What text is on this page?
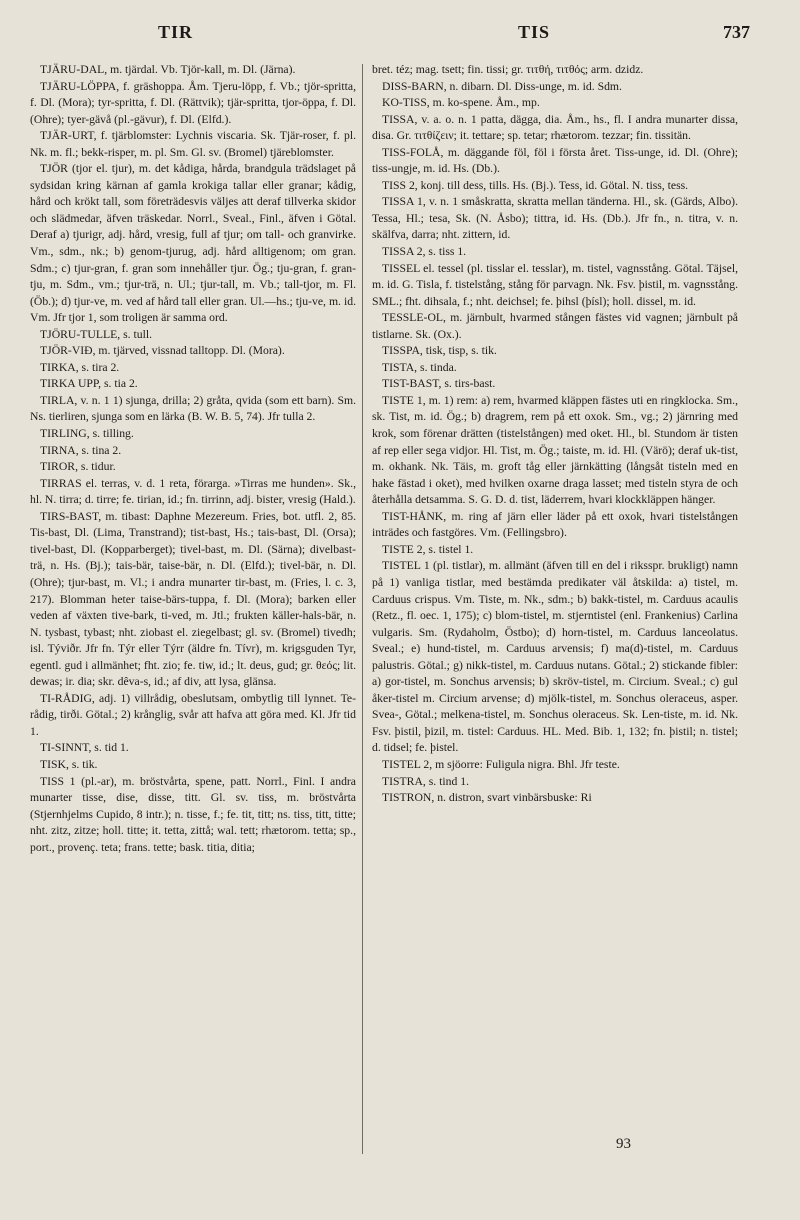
TIR	TIS	737

TJÄRU-DAL, m. tjärdal. Vb. Tjör-kall, m. Dl. (Järna).

TJÄRU-LÖPPA, f. gräshoppa. Åm. Tjeru-löpp, f. Vb.; tjör-spritta, f. Dl. (Mora); tyr-spritta, f. Dl. (Rättvik); tjär-spritta, tjor-öppa, f. Dl. (Ohre); tyer-gävå (pl.-gävur), f. Dl. (Elfd.).

TJÄR-URT, f. tjärblomster: Lychnis viscaria. Sk. Tjär-roser, f. pl. Nk. m. fl.; bekk-risper, m. pl. Sm. Gl. sv. (Bromel) tjäreblomster.

TJÖR (tjor el. tjur), m. det kådiga, hårda, brandgula trädslaget på sydsidan kring kärnan af gamla krokiga tallar eller granar; kådig, hård och krökt tall, som företrädesvis väljes att deraf tillverka skidor och slädmedar, äfven träskedar. Norrl., Sveal., Finl., äfven i Götal. Deraf a) tjurigr, adj. hård, vresig, full af tjur; om tall- och granvirke. Vm., sdm., nk.; b) genom-tjurug, adj. hård alltigenom; om gran. Sdm.; c) tjur-gran, f. gran som innehåller tjur. Ög.; tju-gran, f. gran-tju, m. Sdm., vm.; tjur-trä, n. Ul.; tjur-tall, m. Vb.; tall-tjor, m. Fl. (Öb.); d) tjur-ve, m. ved af hård tall eller gran. Ul.—hs.; tju-ve, m. id. Vm. Jfr tjor 1, som troligen är samma ord.

TJÖRU-TULLE, s. tull.

TJÖR-VIÐ, m. tjärved, vissnad talltopp. Dl. (Mora).

TIRKA, s. tira 2.

TIRKA UPP, s. tia 2.

TIRLA, v. n. 1 1) sjunga, drilla; 2) gråta, qvida (som ett barn). Sm. Ns. tierliren, sjunga som en lärka (B. W. B. 5, 74). Jfr tulla 2.

TIRLING, s. tilling.

TIRNA, s. tina 2.

TIROR, s. tidur.

TIRRAS el. terras, v. d. 1 reta, förarga. »Tirras me hunden». Sk., hl. N. tirra; d. tirre; fe. tirian, id.; fn. tirrinn, adj. bister, vresig (Hald.).

TIRS-BAST, m. tibast: Daphne Mezereum. Fries, bot. utfl. 2, 85. Tis-bast, Dl. (Lima, Transtrand); tist-bast, Hs.; tais-bast, Dl. (Orsa); tivel-bast, Dl. (Kopparberget); tivel-bast, m. Dl. (Särna); divelbast-trä, n. Hs. (Bj.); tais-bär, taise-bär, n. Dl. (Elfd.); tivel-bär, n. Dl. (Ohre); tjur-bast, m. Vl.; i andra munarter tir-bast, m. (Fries, l. c. 3, 217). Blomman heter taise-bärs-tuppa, f. Dl. (Mora); barken eller veden af växten tive-bark, ti-ved, m. Jtl.; frukten käller-hals-bär, n. N. tysbast, tybast; nht. ziobast el. ziegelbast; gl. sv. (Bromel) tivedh; isl. Týviðr. Jfr fn. Týr eller Týrr (äldre fn. Tívr), m. krigsguden Tyr, egentl. gud i allmänhet; fht. zio; fe. tiw, id.; lt. deus, gud; gr. θεός; lit. dewas; ir. dia; skr. dêva-s, id.; af div, att lysa, glänsa.

TI-RÅDIG, adj. 1) villrådig, obeslutsam, ombytlig till lynnet. Te-rådig, tirði. Götal.; 2) krånglig, svår att hafva att göra med. Kl. Jfr tid 1.

TI-SINNT, s. tid 1.

TISK, s. tik.

TISS 1 (pl.-ar), m. bröstvårta, spene, patt. Norrl., Finl. I andra munarter tisse, dise, disse, titt. Gl. sv. tiss, m. bröstvårta (Stjernhjelms Cupido, 8 intr.); n. tisse, f.; fe. tit, titt; ns. tiss, titt, titte; nht. zitz, zitze; holl. titte; it. tetta, zittå; wal. tett; rhætorom. tetta; sp., port., provenç. teta; frans. tette; bask. titia, ditia;

bret. téz; mag. tsett; fin. tissi; gr. τιτθή, τιτθός; arm. dzidz.

DISS-BARN, n. dibarn. Dl. Diss-unge, m. id. Sdm.

KO-TISS, m. ko-spene. Åm., mp.

TISSA, v. a. o. n. 1 patta, dägga, dia. Åm., hs., fl. I andra munarter dissa, disa. Gr. τιτθίζειν; it. tettare; sp. tetar; rhætorom. tezzar; fin. tissitän.

TISS-FOLÅ, m. däggande föl, föl i första året. Tiss-unge, id. Dl. (Ohre); tiss-ungje, m. id. Hs. (Db.).

TISS 2, konj. till dess, tills. Hs. (Bj.). Tess, id. Götal. N. tiss, tess.

TISSA 1, v. n. 1 småskratta, skratta mellan tänderna. Hl., sk. (Gärds, Albo). Tessa, Hl.; tesa, Sk. (N. Åsbo); tittra, id. Hs. (Db.). Jfr fn., n. titra, v. n. skälfva, darra; nht. zittern, id.

TISSA 2, s. tiss 1.

TISSEL el. tessel (pl. tisslar el. tesslar), m. tistel, vagnsstång. Götal. Täjsel, m. id. G. Tisla, f. tistelstång, stång för parvagn. Nk. Fsv. þistil, m. vagnsstång. SML.; fht. dihsala, f.; nht. deichsel; fe. þihsl (þísl); holl. dissel, m. id.

TESSLE-OL, m. järnbult, hvarmed stången fästes vid vagnen; järnbult på tistlarne. Sk. (Ox.).

TISSPA, tisk, tisp, s. tik.

TISTA, s. tinda.

TIST-BAST, s. tirs-bast.

TISTE 1, m. 1) rem: a) rem, hvarmed kläppen fästes uti en ringklocka. Sm., sk. Tist, m. id. Ög.; b) dragrem, rem på ett oxok. Sm., vg.; 2) järnring med krok, som förenar drätten (tistelstången) med oket. Hl., bl. Stundom är tisten af rep eller sega vidjor. Hl. Tist, m. Ög.; taiste, m. id. Hl. (Värö); deraf uk-tist, m. okhank. Nk. Täis, m. groft tåg eller järnkätting (långsåt tisteln med en hake fästad i oket), med hvilken oxarne draga lasset; med tisteln styra de och återhålla detsamma. S. G. D. d. tist, läderrem, hvari klockkläppen hänger.

TIST-HÅNK, m. ring af järn eller läder på ett oxok, hvari tistelstången inträdes och fastgöres. Vm. (Fellingsbro).

TISTE 2, s. tistel 1.

TISTEL 1 (pl. tistlar), m. allmänt (äfven till en del i riksspr. brukligt) namn på 1) vanliga tistlar, med bestämda predikater väl åtskilda: a) tistel, m. Carduus crispus. Vm. Tiste, m. Nk., sdm.; b) bakk-tistel, m. Carduus acaulis (Retz., fl. oec. 1, 175); c) blom-tistel, m. stjerntistel (enl. Frankenius) Carlina vulgaris. Sm. (Rydaholm, Östbo); d) horn-tistel, m. Carduus lanceolatus. Sveal.; e) hund-tistel, m. Carduus arvensis; f) ma(d)-tistel, m. Carduus palustris. Götal.; g) nikk-tistel, m. Carduus nutans. Götal.; 2) stickande fibler: a) gor-tistel, m. Sonchus arvensis; b) skröv-tistel, m. Circium. Sveal.; c) gul åker-tistel m. Circium arvense; d) mjölk-tistel, m. Sonchus oleraceus, asper. Svea-, Götal.; melkena-tistel, m. Sonchus oleraceus. Sk. Len-tiste, m. id. Nk. Fsv. þistil, þizil, m. tistel: Carduus. HL. Med. Bib. 1, 132; fn. þistil; n. tistel; d. tidsel; fe. þistel.

TISTEL 2, m sjöorre: Fuligula nigra. Bhl. Jfr teste.

TISTRA, s. tind 1.

TISTRON, n. distron, svart vinbärsbuske: Ri

93
